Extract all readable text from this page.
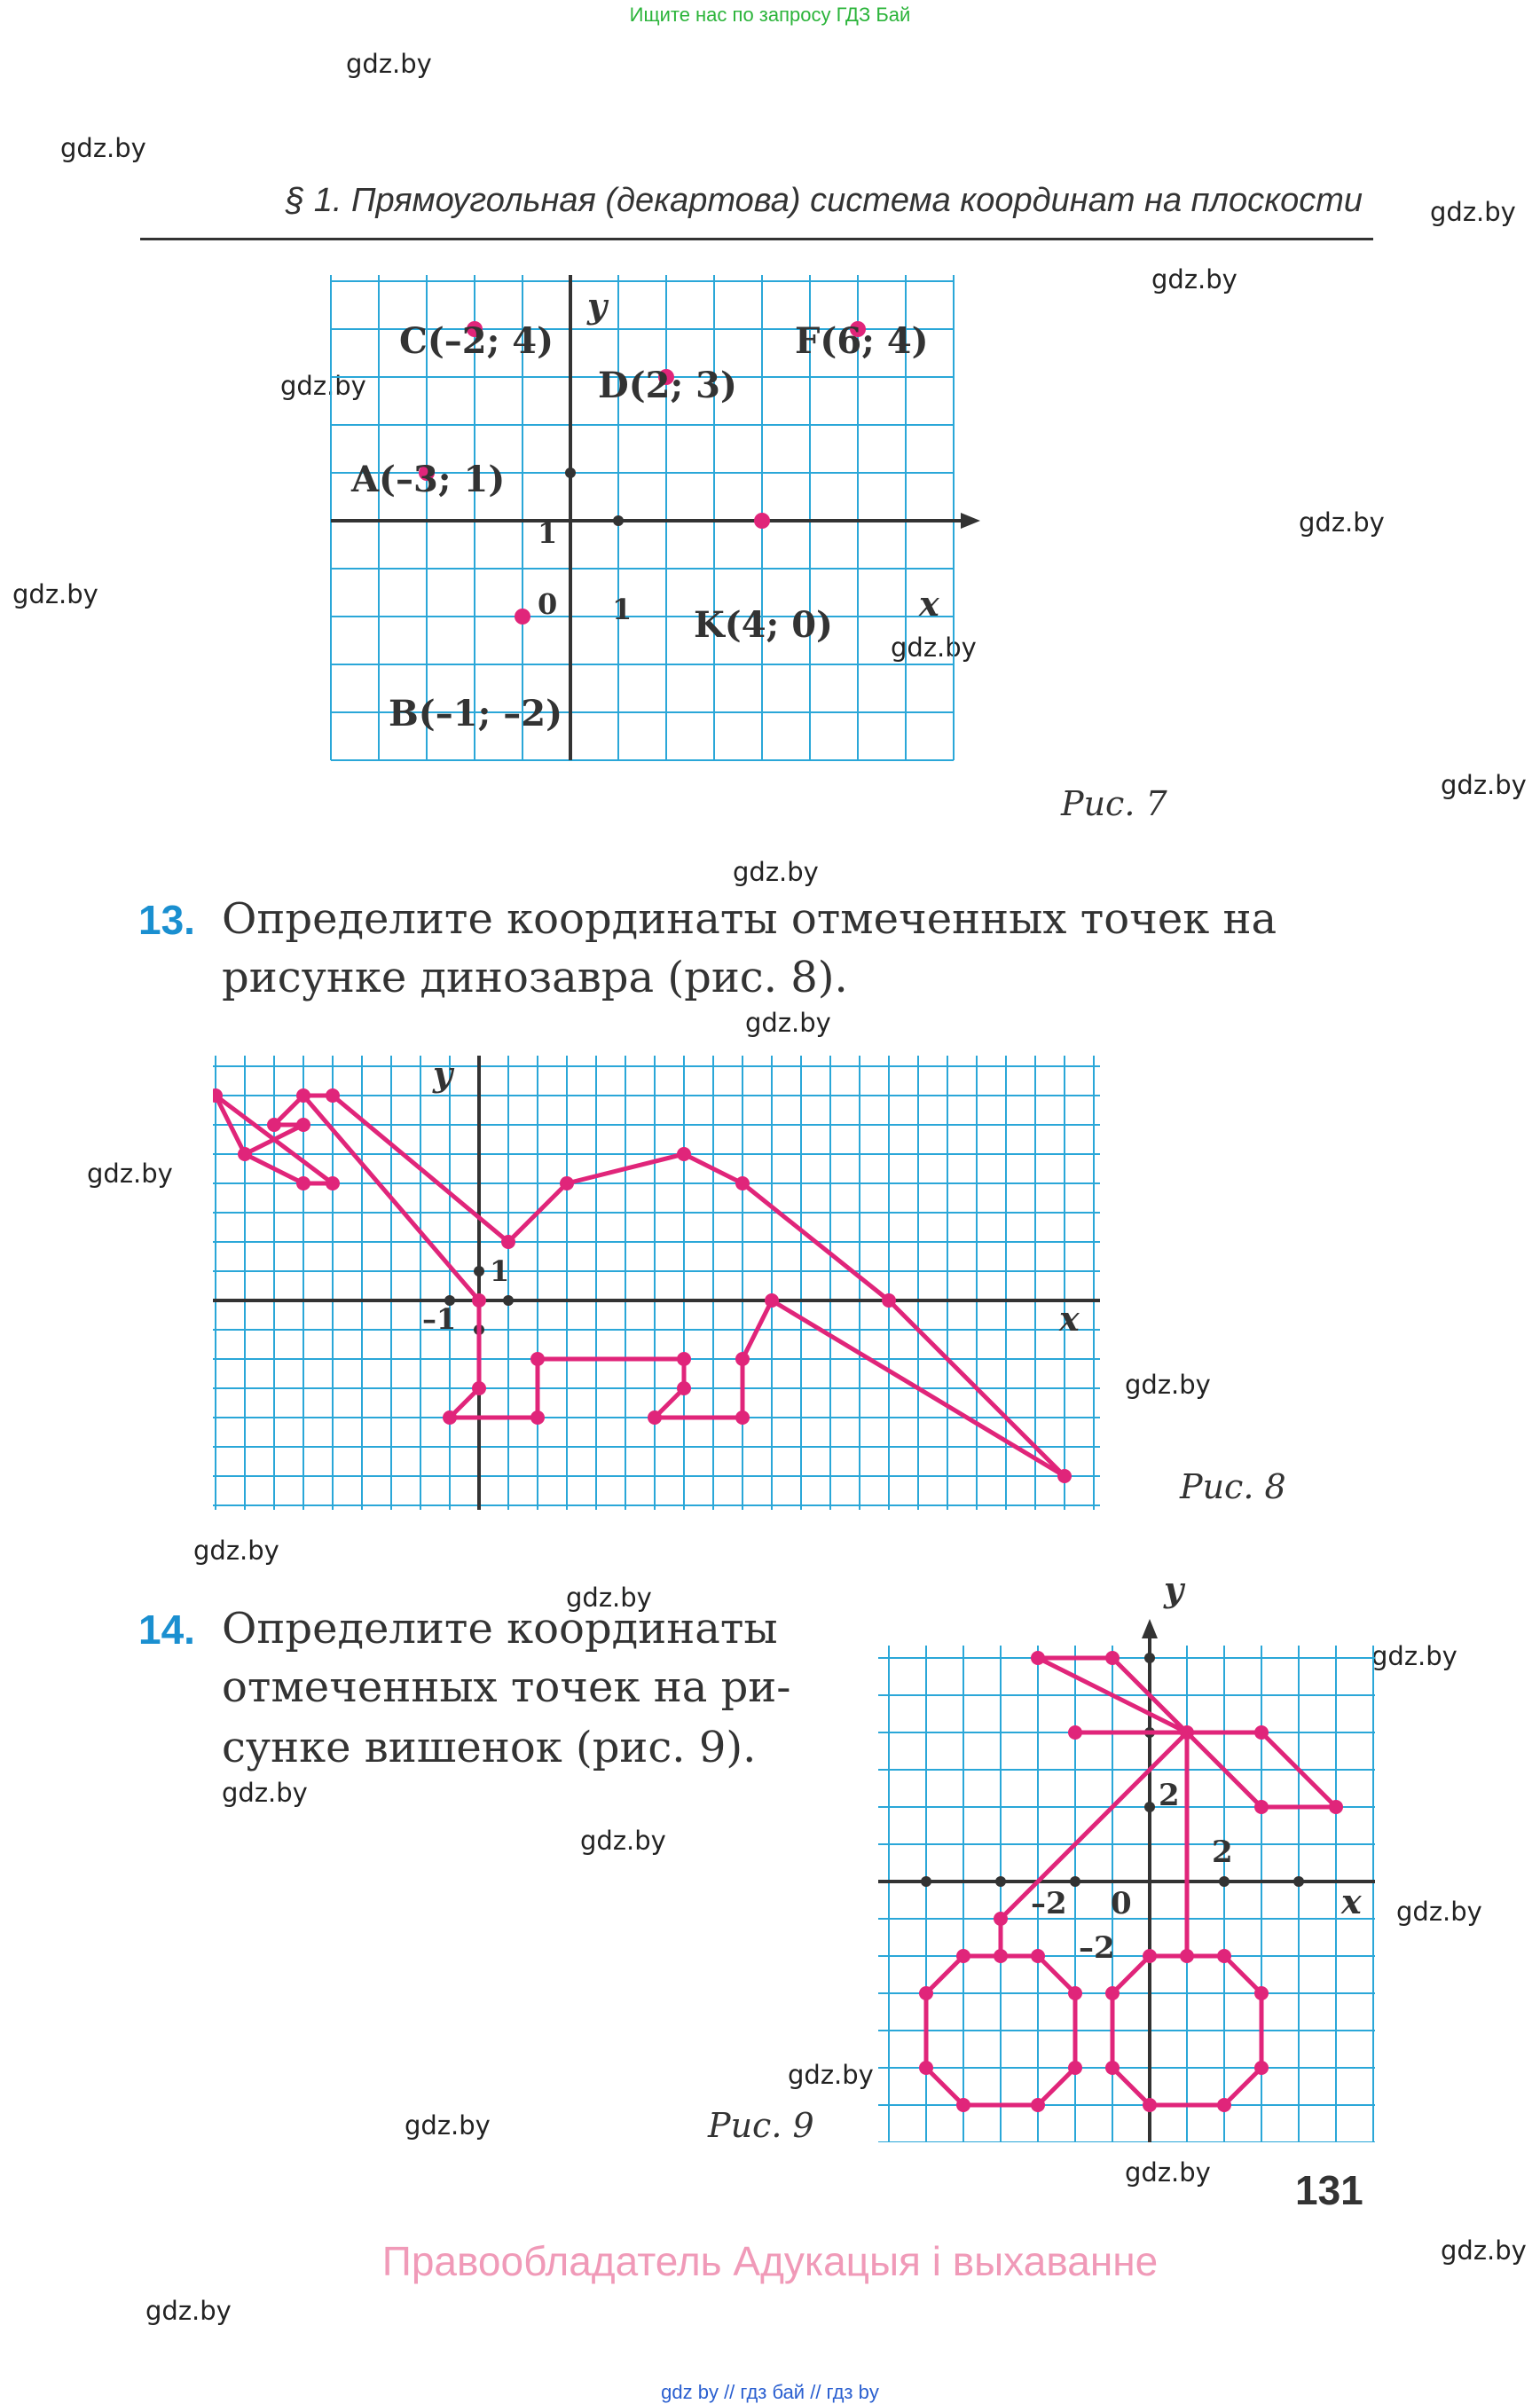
Ищите нас по запросу ГДЗ Бай
gdz.by
gdz.by
gdz.by
gdz.by
gdz.by
gdz.by
gdz.by
gdz.by
gdz.by
gdz.by
gdz.by
gdz.by
gdz.by
gdz.by
gdz.by
gdz.by
gdz.by
gdz.by
gdz.by
gdz.by
gdz.by
gdz.by
gdz.by
gdz.by
§ 1. Прямоугольная (декартова) система координат на плоскости
y
x
0 1
1
C(–2; 4)
D(2; 3)
F(6; 4)
A(–3; 1)
K(4; 0)
B(–1; –2)
Рис. 7
13. Определите координаты отмеченных точек на
рисунке динозавра (рис. 8).
y
x
1
–1
Рис. 8
14. Определите координаты
отмеченных точек на ри-
сунке вишенок (рис. 9).
y
x
0
2
2
–2
–2
Рис. 9
131
Правообладатель Адукацыя і выхаванне
gdz by // гдз бай // гдз by
